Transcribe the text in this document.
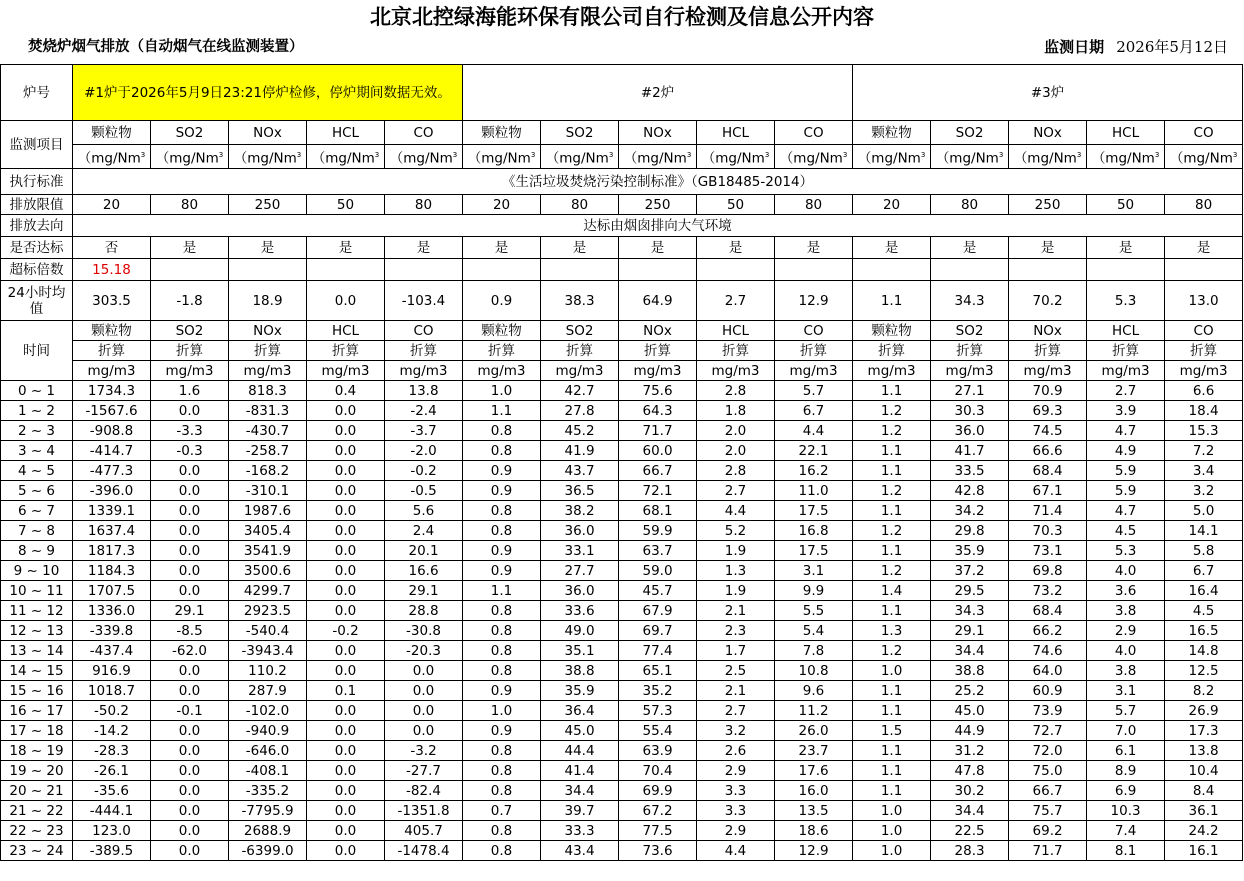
北京北控绿海能环保有限公司自行检测及信息公开内容
焚烧炉烟气排放（自动烟气在线监测装置）	监测日期 2026年5月12日
炉号	#1炉于2026年5月9日23:21停炉检修，停炉期间数据无效。					#2炉					#3炉				
监测项目	颗粒物	SO2	NOx	HCL	CO	颗粒物	SO2	NOx	HCL	CO	颗粒物	SO2	NOx	HCL	CO
	（mg/Nm$^3$	（mg/Nm$^3$	（mg/Nm$^3$	（mg/Nm$^3$	（mg/Nm$^3$	（mg/Nm$^3$	（mg/Nm$^3$	（mg/Nm$^3$	（mg/Nm$^3$	（mg/Nm$^3$	（mg/Nm$^3$	（mg/Nm$^3$	（mg/Nm$^3$	（mg/Nm$^3$	（mg/Nm$^3$
执行标准	《生活垃圾焚烧污染控制标准》（GB18485-2014）														
排放限值	20	80	250	50	80	20	80	250	50	80	20	80	250	50	80
排放去向	达标由烟囱排向大气环境														
是否达标	否	是	是	是	是	是	是	是	是	是	是	是	是	是	是
超标倍数	15.18														
24小时均值	303.5	-1.8	18.9	0.0	-103.4	0.9	38.3	64.9	2.7	12.9	1.1	34.3	70.2	5.3	13.0
时间	颗粒物	SO2	NOx	HCL	CO	颗粒物	SO2	NOx	HCL	CO	颗粒物	SO2	NOx	HCL	CO
	折算	折算	折算	折算	折算	折算	折算	折算	折算	折算	折算	折算	折算	折算	折算
	mg/m3	mg/m3	mg/m3	mg/m3	mg/m3	mg/m3	mg/m3	mg/m3	mg/m3	mg/m3	mg/m3	mg/m3	mg/m3	mg/m3	mg/m3
0 ~ 1	1734.3	1.6	818.3	0.4	13.8	1.0	42.7	75.6	2.8	5.7	1.1	27.1	70.9	2.7	6.6
1 ~ 2	-1567.6	0.0	-831.3	0.0	-2.4	1.1	27.8	64.3	1.8	6.7	1.2	30.3	69.3	3.9	18.4
2 ~ 3	-908.8	-3.3	-430.7	0.0	-3.7	0.8	45.2	71.7	2.0	4.4	1.2	36.0	74.5	4.7	15.3
3 ~ 4	-414.7	-0.3	-258.7	0.0	-2.0	0.8	41.9	60.0	2.0	22.1	1.1	41.7	66.6	4.9	7.2
4 ~ 5	-477.3	0.0	-168.2	0.0	-0.2	0.9	43.7	66.7	2.8	16.2	1.1	33.5	68.4	5.9	3.4
5 ~ 6	-396.0	0.0	-310.1	0.0	-0.5	0.9	36.5	72.1	2.7	11.0	1.2	42.8	67.1	5.9	3.2
6 ~ 7	1339.1	0.0	1987.6	0.0	5.6	0.8	38.2	68.1	4.4	17.5	1.1	34.2	71.4	4.7	5.0
7 ~ 8	1637.4	0.0	3405.4	0.0	2.4	0.8	36.0	59.9	5.2	16.8	1.2	29.8	70.3	4.5	14.1
8 ~ 9	1817.3	0.0	3541.9	0.0	20.1	0.9	33.1	63.7	1.9	17.5	1.1	35.9	73.1	5.3	5.8
9 ~ 10	1184.3	0.0	3500.6	0.0	16.6	0.9	27.7	59.0	1.3	3.1	1.2	37.2	69.8	4.0	6.7
10 ~ 11	1707.5	0.0	4299.7	0.0	29.1	1.1	36.0	45.7	1.9	9.9	1.4	29.5	73.2	3.6	16.4
11 ~ 12	1336.0	29.1	2923.5	0.0	28.8	0.8	33.6	67.9	2.1	5.5	1.1	34.3	68.4	3.8	4.5
12 ~ 13	-339.8	-8.5	-540.4	-0.2	-30.8	0.8	49.0	69.7	2.3	5.4	1.3	29.1	66.2	2.9	16.5
13 ~ 14	-437.4	-62.0	-3943.4	0.0	-20.3	0.8	35.1	77.4	1.7	7.8	1.2	34.4	74.6	4.0	14.8
14 ~ 15	916.9	0.0	110.2	0.0	0.0	0.8	38.8	65.1	2.5	10.8	1.0	38.8	64.0	3.8	12.5
15 ~ 16	1018.7	0.0	287.9	0.1	0.0	0.9	35.9	35.2	2.1	9.6	1.1	25.2	60.9	3.1	8.2
16 ~ 17	-50.2	-0.1	-102.0	0.0	0.0	1.0	36.4	57.3	2.7	11.2	1.1	45.0	73.9	5.7	26.9
17 ~ 18	-14.2	0.0	-940.9	0.0	0.0	0.9	45.0	55.4	3.2	26.0	1.5	44.9	72.7	7.0	17.3
18 ~ 19	-28.3	0.0	-646.0	0.0	-3.2	0.8	44.4	63.9	2.6	23.7	1.1	31.2	72.0	6.1	13.8
19 ~ 20	-26.1	0.0	-408.1	0.0	-27.7	0.8	41.4	70.4	2.9	17.6	1.1	47.8	75.0	8.9	10.4
20 ~ 21	-35.6	0.0	-335.2	0.0	-82.4	0.8	34.4	69.9	3.3	16.0	1.1	30.2	66.7	6.9	8.4
21 ~ 22	-444.1	0.0	-7795.9	0.0	-1351.8	0.7	39.7	67.2	3.3	13.5	1.0	34.4	75.7	10.3	36.1
22 ~ 23	123.0	0.0	2688.9	0.0	405.7	0.8	33.3	77.5	2.9	18.6	1.0	22.5	69.2	7.4	24.2
23 ~ 24	-389.5	0.0	-6399.0	0.0	-1478.4	0.8	43.4	73.6	4.4	12.9	1.0	28.3	71.7	8.1	16.1
